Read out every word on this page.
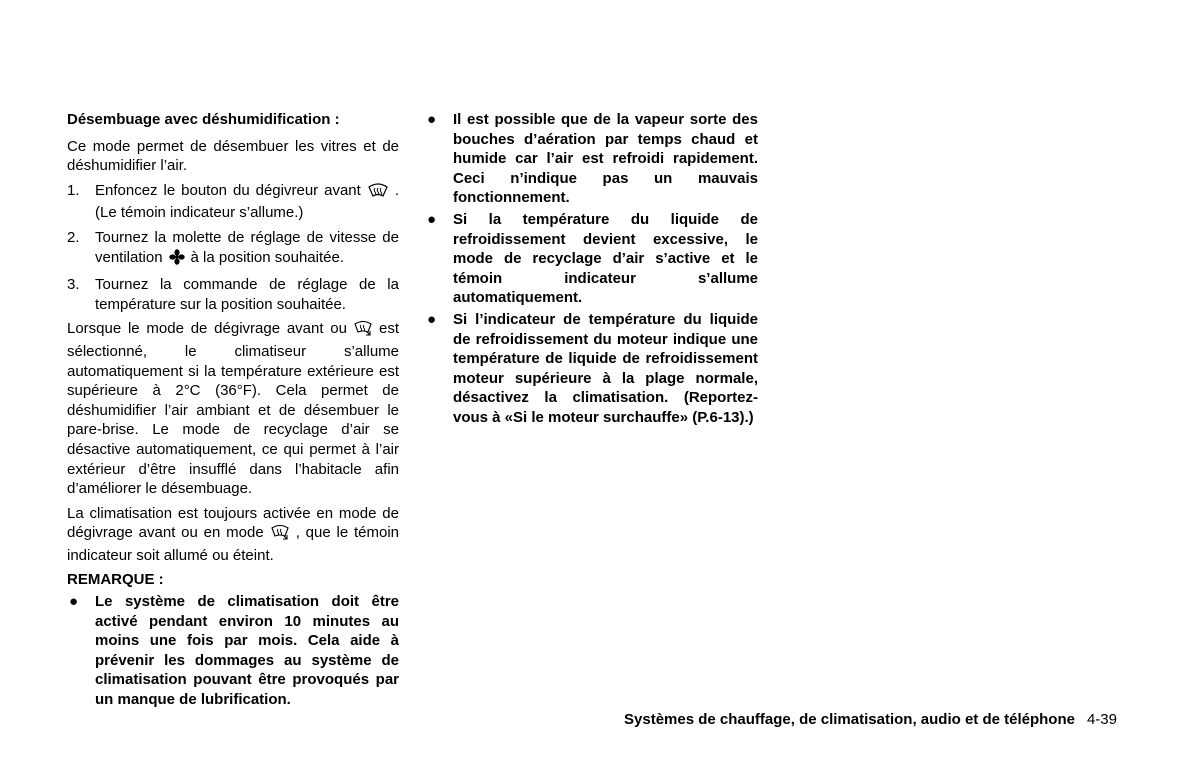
Désembuage avec déshumidification :
Ce mode permet de désembuer les vitres et de déshumidifier l’air.
1. Enfoncez le bouton du dégivreur avant . (Le témoin indicateur s’allume.)
2. Tournez la molette de réglage de vitesse de ventilation à la position souhaitée.
3. Tournez la commande de réglage de la température sur la position souhaitée.
Lorsque le mode de dégivrage avant ou est sélectionné, le climatiseur s’allume automatiquement si la température extérieure est supérieure à 2°C (36°F). Cela permet de déshumidifier l’air ambiant et de désembuer le pare-brise. Le mode de recyclage d’air se désactive automatiquement, ce qui permet à l’air extérieur d’être insufflé dans l’habitacle afin d’améliorer le désembuage.
La climatisation est toujours activée en mode de dégivrage avant ou en mode , que le témoin indicateur soit allumé ou éteint.
REMARQUE :
● Le système de climatisation doit être activé pendant environ 10 minutes au moins une fois par mois. Cela aide à prévenir les dommages au système de climatisation pouvant être provoqués par un manque de lubrification.
● Il est possible que de la vapeur sorte des bouches d’aération par temps chaud et humide car l’air est refroidi rapidement. Ceci n’indique pas un mauvais fonctionnement.
● Si la température du liquide de refroidissement devient excessive, le mode de recyclage d’air s’active et le témoin indicateur s’allume automatiquement.
● Si l’indicateur de température du liquide de refroidissement du moteur indique une température de liquide de refroidissement moteur supérieure à la plage normale, désactivez la climatisation. (Reportez-vous à «Si le moteur surchauffe» (P.6-13).)
Systèmes de chauffage, de climatisation, audio et de téléphone 4-39
